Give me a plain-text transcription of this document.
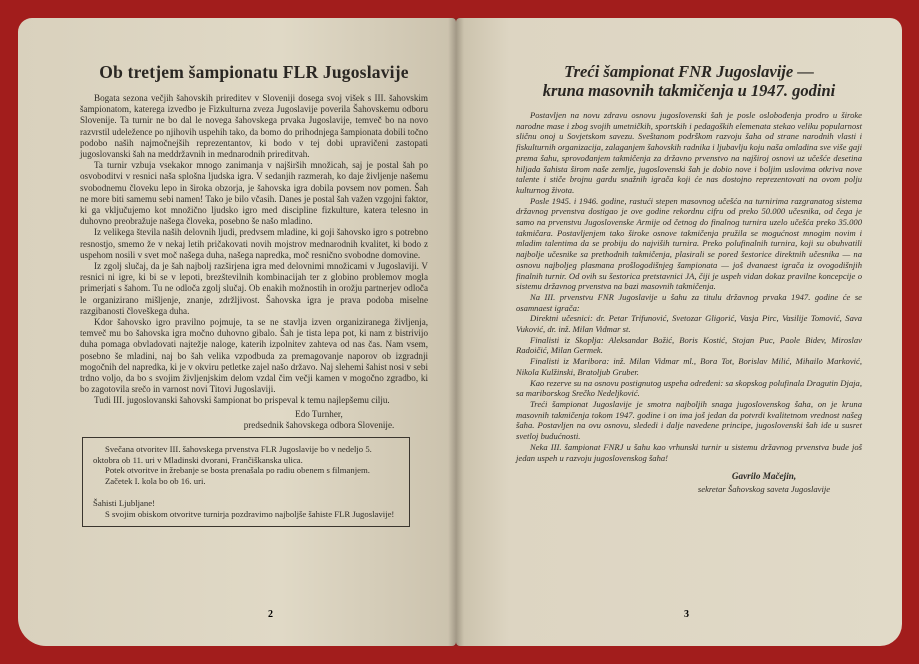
Ob tretjem šampionatu FLR Jugoslavije

Bogata sezona večjih šahovskih prireditev v Sloveniji dosega svoj višek s III. šahovskim šampionatom, katerega izvedbo je Fizkulturna zveza Jugoslavije poverila Šahovskemu odboru Slovenije. Ta turnir ne bo dal le novega šahovskega prvaka Jugoslavije, temveč bo na novo razvrstil udeležence po njihovih uspehih tako, da bomo do prihodnjega šampionata dobili točno podobo naših najmočnejših reprezentantov, ki bodo v tej dobi upravičeni zastopati jugoslovanski šah na meddržavnih in mednarodnih prireditvah.

Ta turnir vzbuja vsekakor mnogo zanimanja v najširših množicah, saj je postal šah po osvoboditvi v resnici naša splošna ljudska igra. V sedanjih razmerah, ko daje življenje našemu svobodnemu človeku lepo in široka obzorja, je šahovska igra dobila povsem nov pomen. Šah ne more biti samemu sebi namen! Tako je bilo včasih. Danes je postal šah važen vzgojni faktor, ki ga vključujemo kot množično ljudsko igro med discipline fizkulture, katera telesno in duhovno preobražuje našega človeka, posebno še našo mladino.

Iz velikega števila naših delovnih ljudi, predvsem mladine, ki goji šahovsko igro s potrebno resnostjo, smemo že v nekaj letih pričakovati novih mojstrov mednarodnih kvalitet, ki bodo z uspehom nosili v svet moč našega duha, našega napredka, moč resnično svobodne domovine.

Iz zgolj slučaj, da je šah najbolj razširjena igra med delovnimi množicami v Jugoslaviji. V resnici ni igre, ki bi se v lepoti, brezštevilnih kombinacijah ter z globino problemov mogla primerjati s šahom. Tu ne odloča zgolj slučaj. Ob enakih možnostih in orožju partnerjev odloča le organizirano mišljenje, znanje, zdržljivost. Šahovska igra je prava podoba miselne razgibanosti človeškega duha.

Kdor šahovsko igro pravilno pojmuje, ta se ne stavlja izven organiziranega življenja, temveč mu bo šahovska igra močno duhovno gibalo. Šah je tista lepa pot, ki nam z bistrivijo duha pomaga obvladovati najtežje naloge, katerih izpolnitev zahteva od nas čas. Nam vsem, posebno še mladini, naj bo šah velika vzpodbuda za premagovanje naporov ob izgradnji mogočnih del napredka, ki je v okviru petletke zajel našo državo. Naj slehemi šahist nosi v sebi trdno voljo, da bo s svojim življenjskim delom vzdal čim večji kamen v mogočno zgradbo, ki bo zagotovila srečo in varnost novi Titovi Jugoslaviji.

Tudi III. jugoslovanski šahovski šampionat bo prispeval k temu najlepšemu cilju.

Edo Turnher,

predsednik šahovskega odbora Slovenije.

Svečana otvoritev III. šahovskega prvenstva FLR Jugoslavije bo v nedeljo 5. oktobra ob 11. uri v Mladinski dvorani, Frančiškanska ulica.

Potek otvoritve in žrebanje se bosta prenašala po radiu obenem s filmanjem.

Začetek I. kola bo ob 16. uri.

Šahisti Ljubljane!

S svojim obiskom otvoritve turnirja pozdravimo najboljše šahiste FLR Jugoslavije!

Treći šampionat FNR Jugoslavije —
kruna masovnih takmičenja u 1947. godini

Postavljen na novu zdravu osnovu jugoslovenski šah je posle oslobođenja prodro u široke narodne mase i zbog svojih umetničkih, sportskih i pedagoških elemenata stekao veliku popularnost sličnu onoj u Sovjetskom savezu. Sveštanom podrškom razvoju šaha od strane narodnih vlasti i fiskulturnih organizacija, zalaganjem šahovskih radnika i ljubavlju koju naša omladina sve više gaji prema šahu, sprovođanjem takmičenja za državno prvenstvo na najširoj osnovi uz učešće desetina hiljada šahista širom naše zemlje, jugoslovenski šah je dobio nove i boljim uslovima otkriva nove talente i stiče brojnu gardu snažnih igrača koji će nas dostojno reprezentovati na ovom polju kulturnog života.

Posle 1945. i 1946. godine, rastući stepen masovnog učešća na turnirima razgranatog sistema državnog prvenstva dostigao je ove godine rekordnu cifru od preko 50.000 učesnika, od čega je samo na prvenstvu Jugoslovenske Armije od četnog do finalnog turnira uzelo učešća preko 35.000 takmičara. Postavljenjem tako široke osnove takmičenja pružila se mogućnost mnogim novim i mladim talentima da se probiju do najviših turnira. Preko polufinalnih turnira, koji su obuhvatili najbolje učesnike sa prethodnih takmičenja, plasirali se pored šestorice direktnih učesnika — na osnovu najboljeg plasmana prošlogodišnjeg šampionata — još dvanaest igrača iz ovogodišnjih finalnih turnir. Od ovih su šestorica pretstavnici JA, čiji je uspeh vidan dokaz pravilne koncepcije o sistemu državnog prvenstva na bazi masovnih takmičenja.

Na III. prvenstvu FNR Jugoslavije u šahu za titulu državnog prvaka 1947. godine će se osamnaest igrača:

Direktni učesnici: dr. Petar Trifunović, Svetozar Gligorić, Vasja Pirc, Vasilije Tomović, Sava Vuković, dr. inž. Milan Vidmar st.

Finalisti iz Skoplja: Aleksandar Božić, Boris Kostić, Stojan Puc, Paole Bidev, Miroslav Radoičić, Milan Germek.

Finalisti iz Maribora: inž. Milan Vidmar ml., Bora Tot, Borislav Milić, Mihailo Marković, Nikola Kulžinski, Bratoljub Gruber.

Kao rezerve su na osnovu postignutog uspeha određeni: sa skopskog polufinala Dragutin Djaja, sa mariborskog Srečko Nedeljković.

Treći šampionat Jugoslavije je smotra najboljih snaga jugoslovenskog šaha, on je kruna masovnih takmičenja tokom 1947. godine i on ima još jedan da potvrdi kvalitetnom vrednost našeg šaha. Postavljen na ovu osnovu, slededi i dalje navedene principe, jugoslovenski šah ide u susret svetloj budućnosti.

Neka III. šampionat FNRJ u šahu kao vrhunski turnir u sistemu državnog prvenstva bude još jedan uspeh u razvoju jugoslovenskog šaha!

Gavrilo Mačejin,

sekretar Šahovskog saveta Jugoslavije

2	3
